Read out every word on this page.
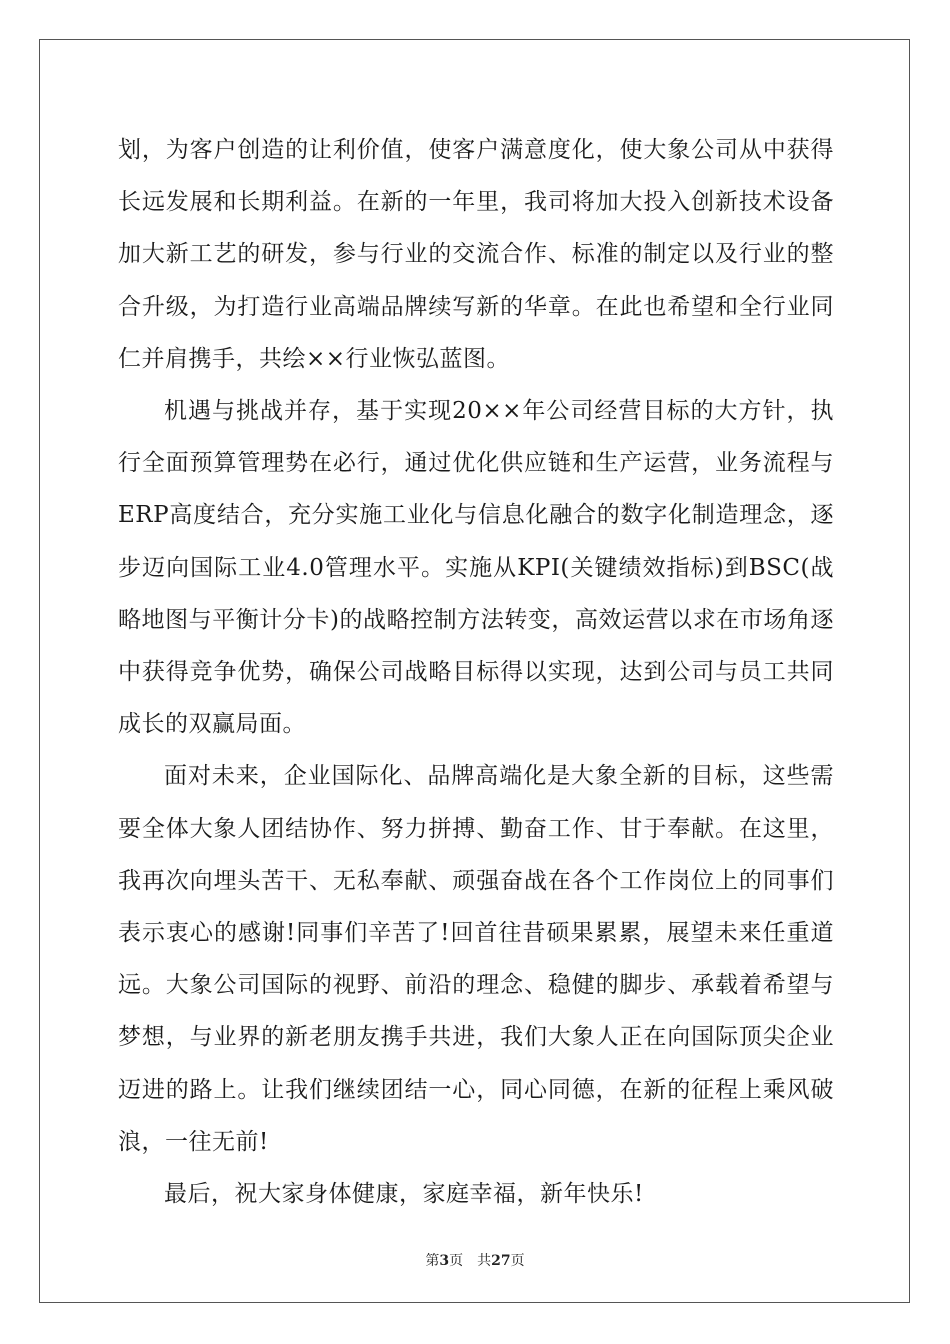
划，为客户创造的让利价值，使客户满意度化，使大象公司从中获得长远发展和长期利益。在新的一年里，我司将加大投入创新技术设备加大新工艺的研发，参与行业的交流合作、标准的制定以及行业的整合升级，为打造行业高端品牌续写新的华章。在此也希望和全行业同仁并肩携手，共绘××行业恢弘蓝图。

机遇与挑战并存，基于实现20××年公司经营目标的大方针，执行全面预算管理势在必行，通过优化供应链和生产运营，业务流程与ERP高度结合，充分实施工业化与信息化融合的数字化制造理念，逐步迈向国际工业4.0管理水平。实施从KPI(关键绩效指标)到BSC(战略地图与平衡计分卡)的战略控制方法转变，高效运营以求在市场角逐中获得竞争优势，确保公司战略目标得以实现，达到公司与员工共同成长的双赢局面。

面对未来，企业国际化、品牌高端化是大象全新的目标，这些需要全体大象人团结协作、努力拼搏、勤奋工作、甘于奉献。在这里，我再次向埋头苦干、无私奉献、顽强奋战在各个工作岗位上的同事们表示衷心的感谢!同事们辛苦了!回首往昔硕果累累，展望未来任重道远。大象公司国际的视野、前沿的理念、稳健的脚步、承载着希望与梦想，与业界的新老朋友携手共进，我们大象人正在向国际顶尖企业迈进的路上。让我们继续团结一心，同心同德，在新的征程上乘风破浪，一往无前!

最后，祝大家身体健康，家庭幸福，新年快乐!

第3页 共27页
